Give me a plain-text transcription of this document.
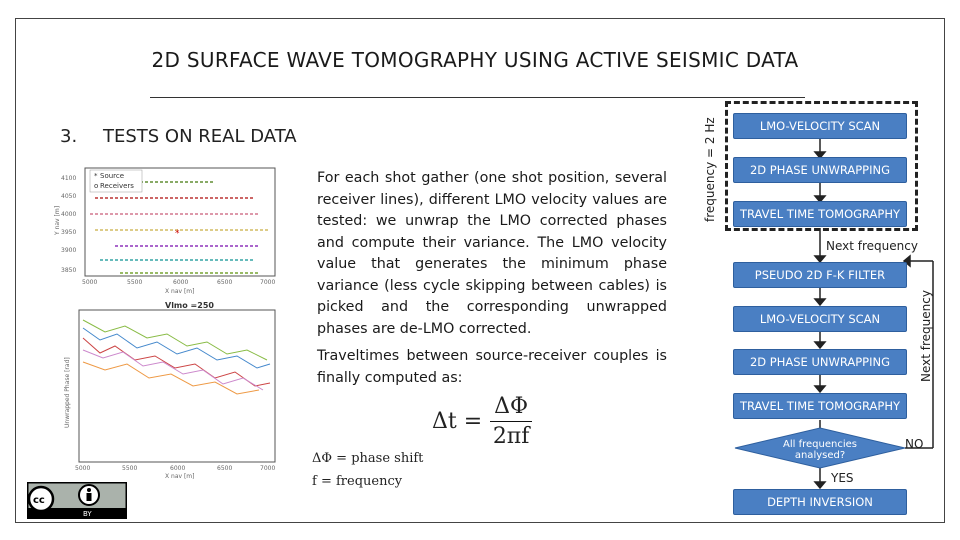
2D SURFACE WAVE TOMOGRAPHY USING ACTIVE SEISMIC DATA
3. TESTS ON REAL DATA
4100
4050
4000
3950
3900
3850
*
* Source
o Receivers
5000	5500	6000	6500	7000
X nav [m]
Y nav [m]
Vlmo =250
5000	5500	6000	6500	7000
X nav [m]
Unwrapped Phase [rad]
For each shot gather (one shot position, several receiver lines), different LMO velocity values are tested: we unwrap the LMO corrected phases and compute their variance. The LMO velocity value that generates the minimum phase variance (less cycle skipping between cables) is picked and the corresponding unwrapped phases are de-LMO corrected.
Traveltimes between source-receiver couples is finally computed as:
$\Delta t = \frac{\Delta\Phi}{2\pi f}$
ΔΦ = phase shift
f = frequency
cc
BY
frequency = 2 Hz	LMO-VELOCITY SCAN
2D PHASE UNWRAPPING
TRAVEL TIME TOMOGRAPHY
Next frequency
PSEUDO 2D F-K FILTER
LMO-VELOCITY SCAN
2D PHASE UNWRAPPING
TRAVEL TIME TOMOGRAPHY
Next frequency
All frequencies analysed?
NO
YES
DEPTH INVERSION
